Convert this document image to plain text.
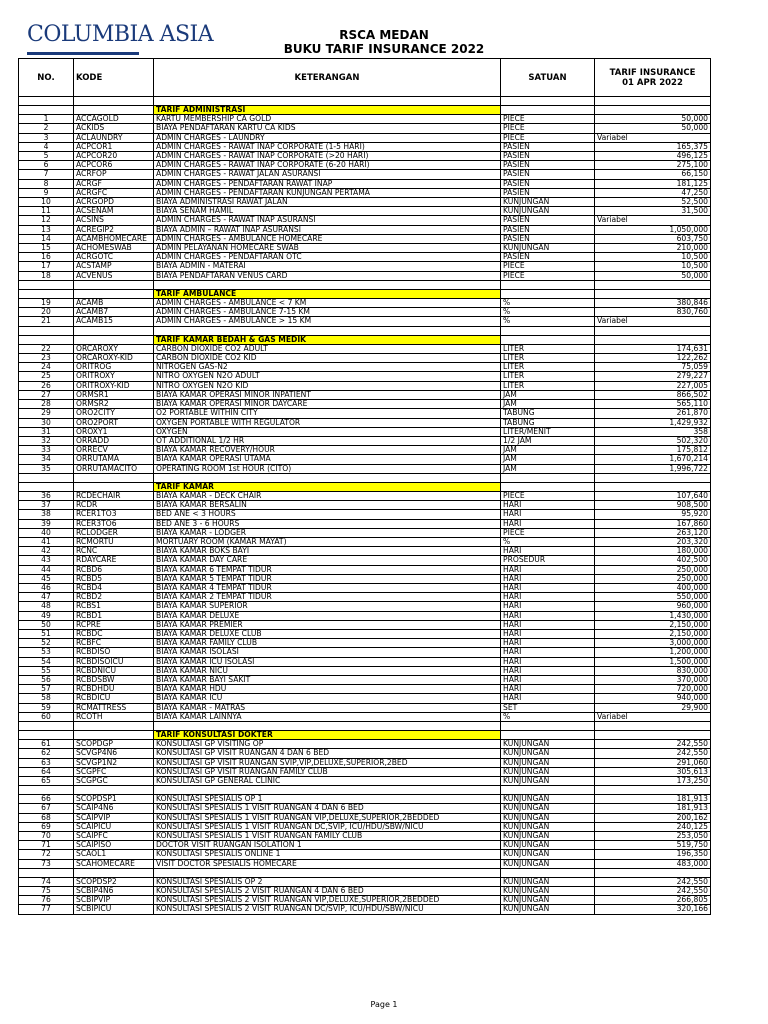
COLUMBIA ASIA	RSCA MEDAN
BUKU TARIF INSURANCE 2022
NO.	KODE	KETERANGAN	SATUAN	TARIF INSURANCE
01 APR 2022

		TARIF ADMINISTRASI		

1	ACCAGOLD	KARTU MEMBERSHIP CA GOLD	PIECE	50,000

2	ACKIDS	BIAYA PENDAFTARAN KARTU CA KIDS	PIECE	50,000

3	ACLAUNDRY	ADMIN CHARGES - LAUNDRY	PIECE	Variabel

4	ACPCOR1	ADMIN CHARGES - RAWAT INAP CORPORATE (1-5 HARI)	PASIEN	165,375

5	ACPCOR20	ADMIN CHARGES - RAWAT INAP CORPORATE (>20 HARI)	PASIEN	496,125

6	ACPCOR6	ADMIN CHARGES - RAWAT INAP CORPORATE (6-20 HARI)	PASIEN	275,100

7	ACRFOP	ADMIN CHARGES - RAWAT JALAN ASURANSI	PASIEN	66,150

8	ACRGF	ADMIN CHARGES - PENDAFTARAN RAWAT INAP	PASIEN	181,125

9	ACRGFC	ADMIN CHARGES - PENDAFTARAN KUNJUNGAN PERTAMA	PASIEN	47,250

10	ACRGOPD	BIAYA ADMINISTRASI RAWAT JALAN	KUNJUNGAN	52,500

11	ACSENAM	BIAYA SENAM HAMIL	KUNJUNGAN	31,500

12	ACSINS	ADMIN CHARGES - RAWAT INAP ASURANSI	PASIEN	Variabel

13	ACREGIP2	BIAYA ADMIN – RAWAT INAP ASURANSI	PASIEN	1,050,000

14	ACAMBHOMECARE	ADMIN CHARGES - AMBULANCE HOMECARE	PASIEN	603,750

15	ACHOMESWAB	ADMIN PELAYANAN HOMECARE SWAB	KUNJUNGAN	210,000

16	ACRGOTC	ADMIN CHARGES - PENDAFTARAN OTC	PASIEN	10,500

17	ACSTAMP	BIAYA ADMIN - MATERAI	PIECE	10,500

18	ACVENUS	BIAYA PENDAFTARAN VENUS CARD	PIECE	50,000

		TARIF AMBULANCE		

19	ACAMB	ADMIN CHARGES - AMBULANCE < 7 KM	%	380,846

20	ACAMB7	ADMIN CHARGES - AMBULANCE 7-15 KM	%	830,760

21	ACAMB15	ADMIN CHARGES - AMBULANCE > 15 KM	%	Variabel

		TARIF KAMAR BEDAH & GAS MEDIK		

22	ORCAROXY	CARBON DIOXIDE CO2 ADULT	LITER	174,631

23	ORCAROXY-KID	CARBON DIOXIDE CO2 KID	LITER	122,262

24	ORITROG	NITROGEN GAS-N2	LITER	75,059

25	ORITROXY	NITRO OXYGEN N2O ADULT	LITER	279,227

26	ORITROXY-KID	NITRO OXYGEN N2O KID	LITER	227,005

27	ORMSR1	BIAYA KAMAR OPERASI MINOR INPATIENT	JAM	866,502

28	ORMSR2	BIAYA KAMAR OPERASI MINOR DAYCARE	JAM	565,110

29	ORO2CITY	O2 PORTABLE WITHIN CITY	TABUNG	261,870

30	ORO2PORT	OXYGEN PORTABLE WITH REGULATOR	TABUNG	1,429,932

31	OROXY1	OXYGEN	LITER/MENIT	358

32	ORRADD	OT ADDITIONAL 1/2 HR	1/2 JAM	502,320

33	ORRECV	BIAYA KAMAR RECOVERY/HOUR	JAM	175,812

34	ORRUTAMA	BIAYA KAMAR OPERASI UTAMA	JAM	1,670,214

35	ORRUTAMACITO	OPERATING ROOM 1st HOUR (CITO)	JAM	1,996,722

		TARIF KAMAR		

36	RCDECHAIR	BIAYA KAMAR - DECK CHAIR	PIECE	107,640

37	RCDR	BIAYA KAMAR BERSALIN	HARI	908,500

38	RCER1TO3	BED ANE < 3 HOURS	HARI	95,920

39	RCER3TO6	BED ANE 3 - 6 HOURS	HARI	167,860

40	RCLODGER	BIAYA KAMAR - LODGER	PIECE	263,120

41	RCMORTU	MORTUARY ROOM (KAMAR MAYAT)	%	203,320

42	RCNC	BIAYA KAMAR BOKS BAYI	HARI	180,000

43	RDAYCARE	BIAYA KAMAR DAY CARE	PROSEDUR	402,500

44	RCBD6	BIAYA KAMAR 6 TEMPAT TIDUR	HARI	250,000

45	RCBD5	BIAYA KAMAR 5 TEMPAT TIDUR	HARI	250,000

46	RCBD4	BIAYA KAMAR 4 TEMPAT TIDUR	HARI	400,000

47	RCBD2	BIAYA KAMAR 2 TEMPAT TIDUR	HARI	550,000

48	RCBS1	BIAYA KAMAR SUPERIOR	HARI	960,000

49	RCBD1	BIAYA KAMAR DELUXE	HARI	1,430,000

50	RCPRE	BIAYA KAMAR PREMIER	HARI	2,150,000

51	RCBDC	BIAYA KAMAR DELUXE CLUB	HARI	2,150,000

52	RCBFC	BIAYA KAMAR FAMILY CLUB	HARI	3,000,000

53	RCBDISO	BIAYA KAMAR ISOLASI	HARI	1,200,000

54	RCBDISOICU	BIAYA KAMAR ICU ISOLASI	HARI	1,500,000

55	RCBDNICU	BIAYA KAMAR NICU	HARI	830,000

56	RCBDSBW	BIAYA KAMAR BAYI SAKIT	HARI	370,000

57	RCBDHDU	BIAYA KAMAR HDU	HARI	720,000

58	RCBDICU	BIAYA KAMAR ICU	HARI	940,000

59	RCMATTRESS	BIAYA KAMAR - MATRAS	SET	29,900

60	RCOTH	BIAYA KAMAR LAINNYA	%	Variabel

		TARIF KONSULTASI DOKTER		

61	SCOPDGP	KONSULTASI GP VISITING OP	KUNJUNGAN	242,550

62	SCVGP4N6	KONSULTASI GP VISIT RUANGAN 4 DAN 6 BED	KUNJUNGAN	242,550

63	SCVGP1N2	KONSULTASI GP VISIT RUANGAN SVIP,VIP,DELUXE,SUPERIOR,2BED	KUNJUNGAN	291,060

64	SCGPFC	KONSULTASI GP VISIT RUANGAN FAMILY CLUB	KUNJUNGAN	305,613

65	SCGPGC	KONSULTASI GP GENERAL CLINIC	KUNJUNGAN	173,250

66	SCOPDSP1	KONSULTASI SPESIALIS OP 1	KUNJUNGAN	181,913

67	SCAIP4N6	KONSULTASI SPESIALIS 1 VISIT RUANGAN 4 DAN 6 BED	KUNJUNGAN	181,913

68	SCAIPVIP	KONSULTASI SPESIALIS 1 VISIT RUANGAN VIP,DELUXE,SUPERIOR,2BEDDED	KUNJUNGAN	200,162

69	SCAIPICU	KONSULTASI SPESIALIS 1 VISIT RUANGAN DC,SVIP, ICU/HDU/SBW/NICU	KUNJUNGAN	240,125

70	SCAIPFC	KONSULTASI SPESIALIS 1 VISIT RUANGAN FAMILY CLUB	KUNJUNGAN	253,050

71	SCAIPISO	DOCTOR VISIT RUANGAN ISOLATION 1	KUNJUNGAN	519,750

72	SCAOL1	KONSULTASI SPESIALIS ONLINE 1	KUNJUNGAN	196,350

73	SCAHOMECARE	VISIT DOCTOR SPESIALIS HOMECARE	KUNJUNGAN	483,000

74	SCOPDSP2	KONSULTASI SPESIALIS OP 2	KUNJUNGAN	242,550

75	SCBIP4N6	KONSULTASI SPESIALIS 2 VISIT RUANGAN 4 DAN 6 BED	KUNJUNGAN	242,550

76	SCBIPVIP	KONSULTASI SPESIALIS 2 VISIT RUANGAN VIP,DELUXE,SUPERIOR,2BEDDED	KUNJUNGAN	266,805

77	SCBIPICU	KONSULTASI SPESIALIS 2 VISIT RUANGAN DC/SVIP, ICU/HDU/SBW/NICU	KUNJUNGAN	320,166
Page 1
